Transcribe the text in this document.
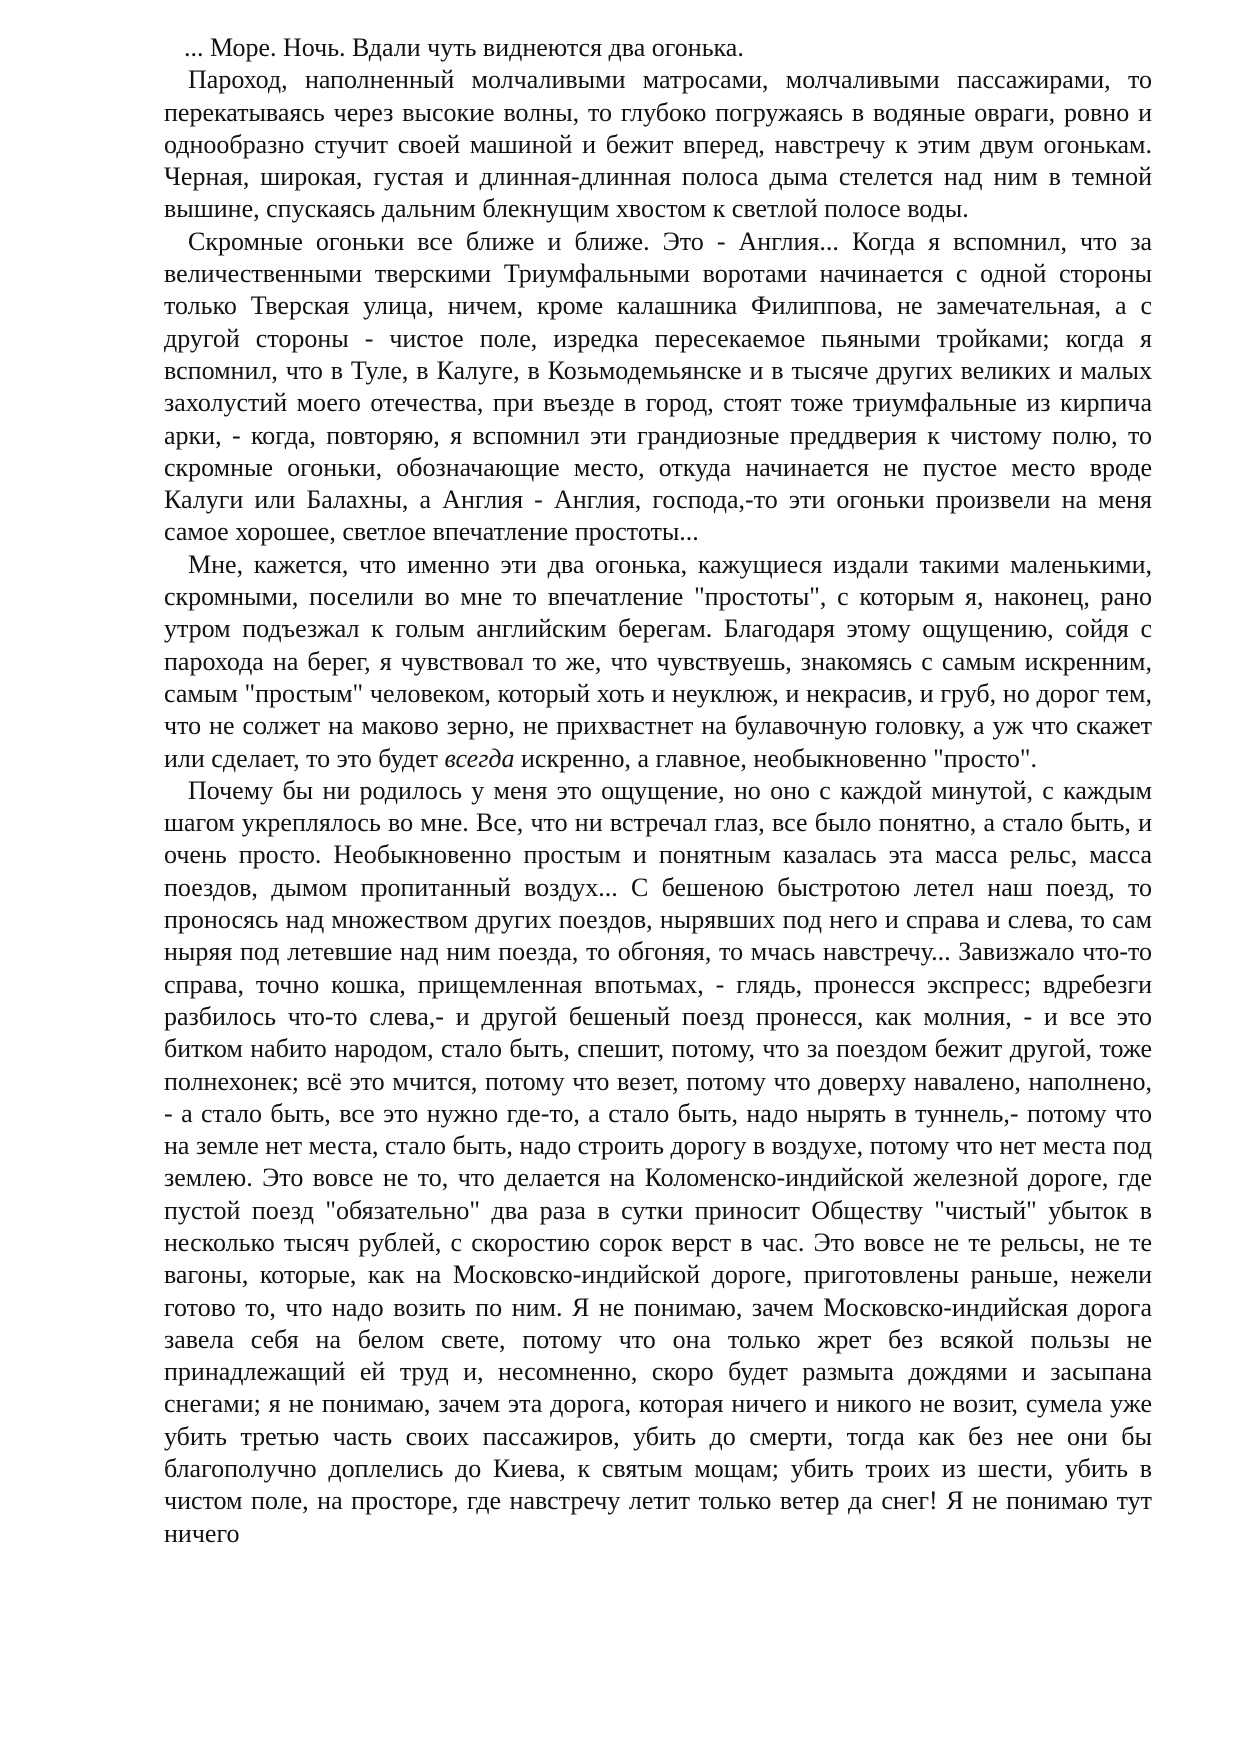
... Море. Ночь. Вдали чуть виднеются два огонька.

Пароход, наполненный молчаливыми матросами, молчаливыми пассажирами, то перекатываясь через высокие волны, то глубоко погружаясь в водяные овраги, ровно и однообразно стучит своей машиной и бежит вперед, навстречу к этим двум огонькам. Черная, широкая, густая и длинная-длинная полоса дыма стелется над ним в темной вышине, спускаясь дальним блекнущим хвостом к светлой полосе воды.

Скромные огоньки все ближе и ближе. Это - Англия... Когда я вспомнил, что за величественными тверскими Триумфальными воротами начинается с одной стороны только Тверская улица, ничем, кроме калашника Филиппова, не замечательная, а с другой стороны - чистое поле, изредка пересекаемое пьяными тройками; когда я вспомнил, что в Туле, в Калуге, в Козьмодемьянске и в тысяче других великих и малых захолустий моего отечества, при въезде в город, стоят тоже триумфальные из кирпича арки, - когда, повторяю, я вспомнил эти грандиозные преддверия к чистому полю, то скромные огоньки, обозначающие место, откуда начинается не пустое место вроде Калуги или Балахны, а Англия - Англия, господа,-то эти огоньки произвели на меня самое хорошее, светлое впечатление простоты...

Мне, кажется, что именно эти два огонька, кажущиеся издали такими маленькими, скромными, поселили во мне то впечатление "простоты", с которым я, наконец, рано утром подъезжал к голым английским берегам. Благодаря этому ощущению, сойдя с парохода на берег, я чувствовал то же, что чувствуешь, знакомясь с самым искренним, самым "простым" человеком, который хоть и неуклюж, и некрасив, и груб, но дорог тем, что не солжет на маково зерно, не прихвастнет на булавочную головку, а уж что скажет или сделает, то это будет всегда искренно, а главное, необыкновенно "просто".

Почему бы ни родилось у меня это ощущение, но оно с каждой минутой, с каждым шагом укреплялось во мне. Все, что ни встречал глаз, все было понятно, а стало быть, и очень просто. Необыкновенно простым и понятным казалась эта масса рельс, масса поездов, дымом пропитанный воздух... С бешеною быстротою летел наш поезд, то проносясь над множеством других поездов, нырявших под него и справа и слева, то сам ныряя под летевшие над ним поезда, то обгоняя, то мчась навстречу... Завизжало что-то справа, точно кошка, прищемленная впотьмах, - глядь, пронесся экспресс; вдребезги разбилось что-то слева,- и другой бешеный поезд пронесся, как молния, - и все это битком набито народом, стало быть, спешит, потому, что за поездом бежит другой, тоже полнехонек; всё это мчится, потому что везет, потому что доверху навалено, наполнено, - а стало быть, все это нужно где-то, а стало быть, надо нырять в туннель,- потому что на земле нет места, стало быть, надо строить дорогу в воздухе, потому что нет места под землею. Это вовсе не то, что делается на Коломенско-индийской железной дороге, где пустой поезд "обязательно" два раза в сутки приносит Обществу "чистый" убыток в несколько тысяч рублей, с скоростию сорок верст в час. Это вовсе не те рельсы, не те вагоны, которые, как на Московско-индийской дороге, приготовлены раньше, нежели готово то, что надо возить по ним. Я не понимаю, зачем Московско-индийская дорога завела себя на белом свете, потому что она только жрет без всякой пользы не принадлежащий ей труд и, несомненно, скоро будет размыта дождями и засыпана снегами; я не понимаю, зачем эта дорога, которая ничего и никого не возит, сумела уже убить третью часть своих пассажиров, убить до смерти, тогда как без нее они бы благополучно доплелись до Киева, к святым мощам; убить троих из шести, убить в чистом поле, на просторе, где навстречу летит только ветер да снег! Я не понимаю тут ничего
